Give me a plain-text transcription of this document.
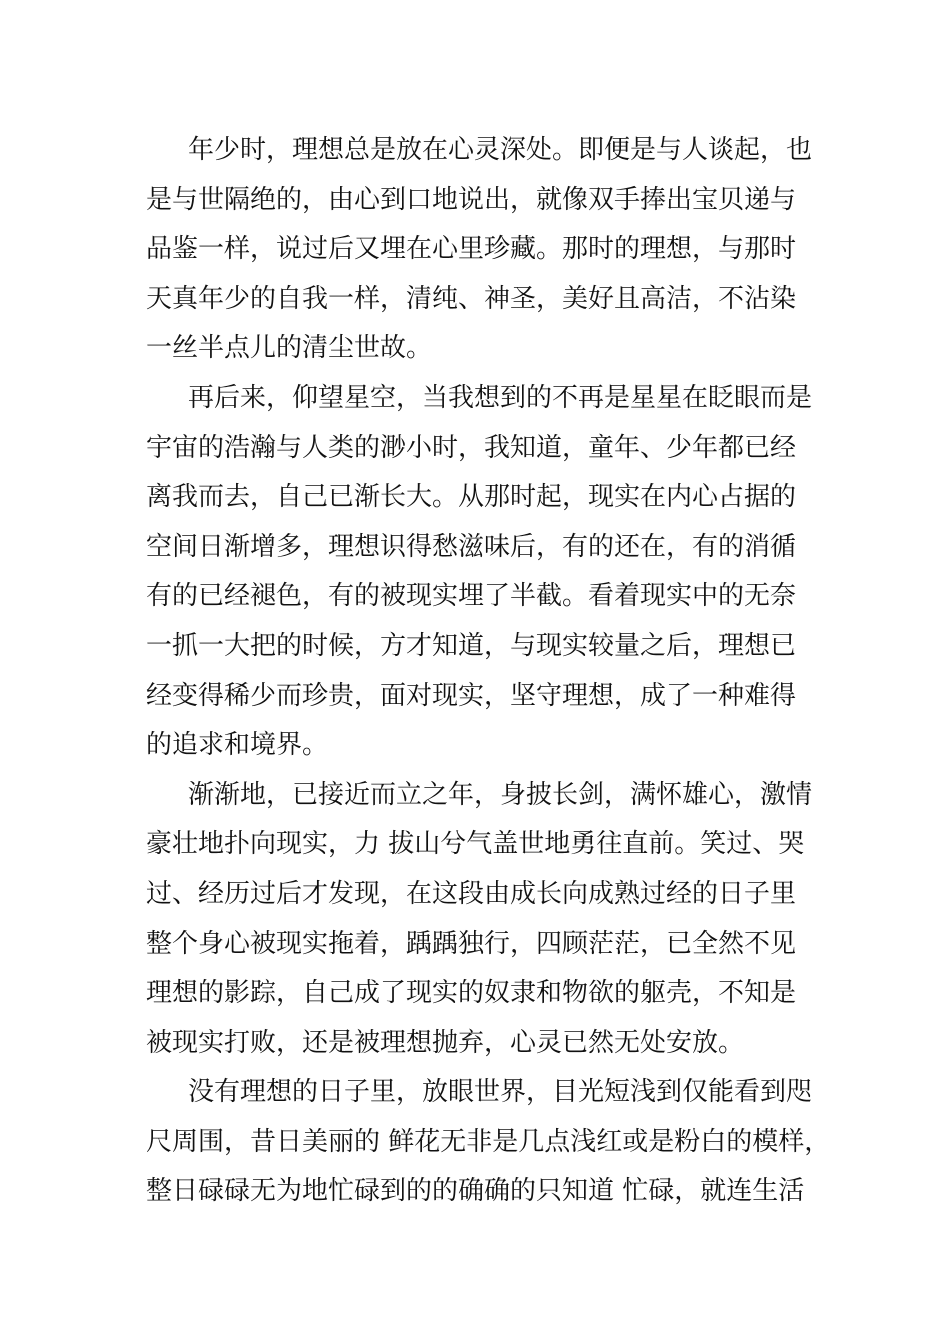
年少时，理想总是放在心灵深处。即便是与人谈起，也
是与世隔绝的，由心到口地说出，就像双手捧出宝贝递与
品鉴一样，说过后又埋在心里珍藏。那时的理想，与那时
天真年少的自我一样，清纯、神圣，美好且高洁，不沾染
一丝半点儿的清尘世故。
再后来，仰望星空，当我想到的不再是星星在眨眼而是
宇宙的浩瀚与人类的渺小时，我知道，童年、少年都已经
离我而去，自己已渐长大。从那时起，现实在内心占据的
空间日渐增多，理想识得愁滋味后，有的还在，有的消循
有的已经褪色，有的被现实埋了半截。看着现实中的无奈
一抓一大把的时候，方才知道，与现实较量之后，理想已
经变得稀少而珍贵，面对现实，坚守理想，成了一种难得
的追求和境界。
渐渐地，已接近而立之年，身披长剑，满怀雄心，激情
豪壮地扑向现实，力 拔山兮气盖世地勇往直前。笑过、哭
过、经历过后才发现，在这段由成长向成熟过经的日子里
整个身心被现实拖着，踽踽独行，四顾茫茫，已全然不见
理想的影踪，自己成了现实的奴隶和物欲的躯壳，不知是
被现实打败，还是被理想抛弃，心灵已然无处安放。
没有理想的日子里，放眼世界，目光短浅到仅能看到咫
尺周围，昔日美丽的 鲜花无非是几点浅红或是粉白的模样，
整日碌碌无为地忙碌到的的确确的只知道 忙碌，就连生活
